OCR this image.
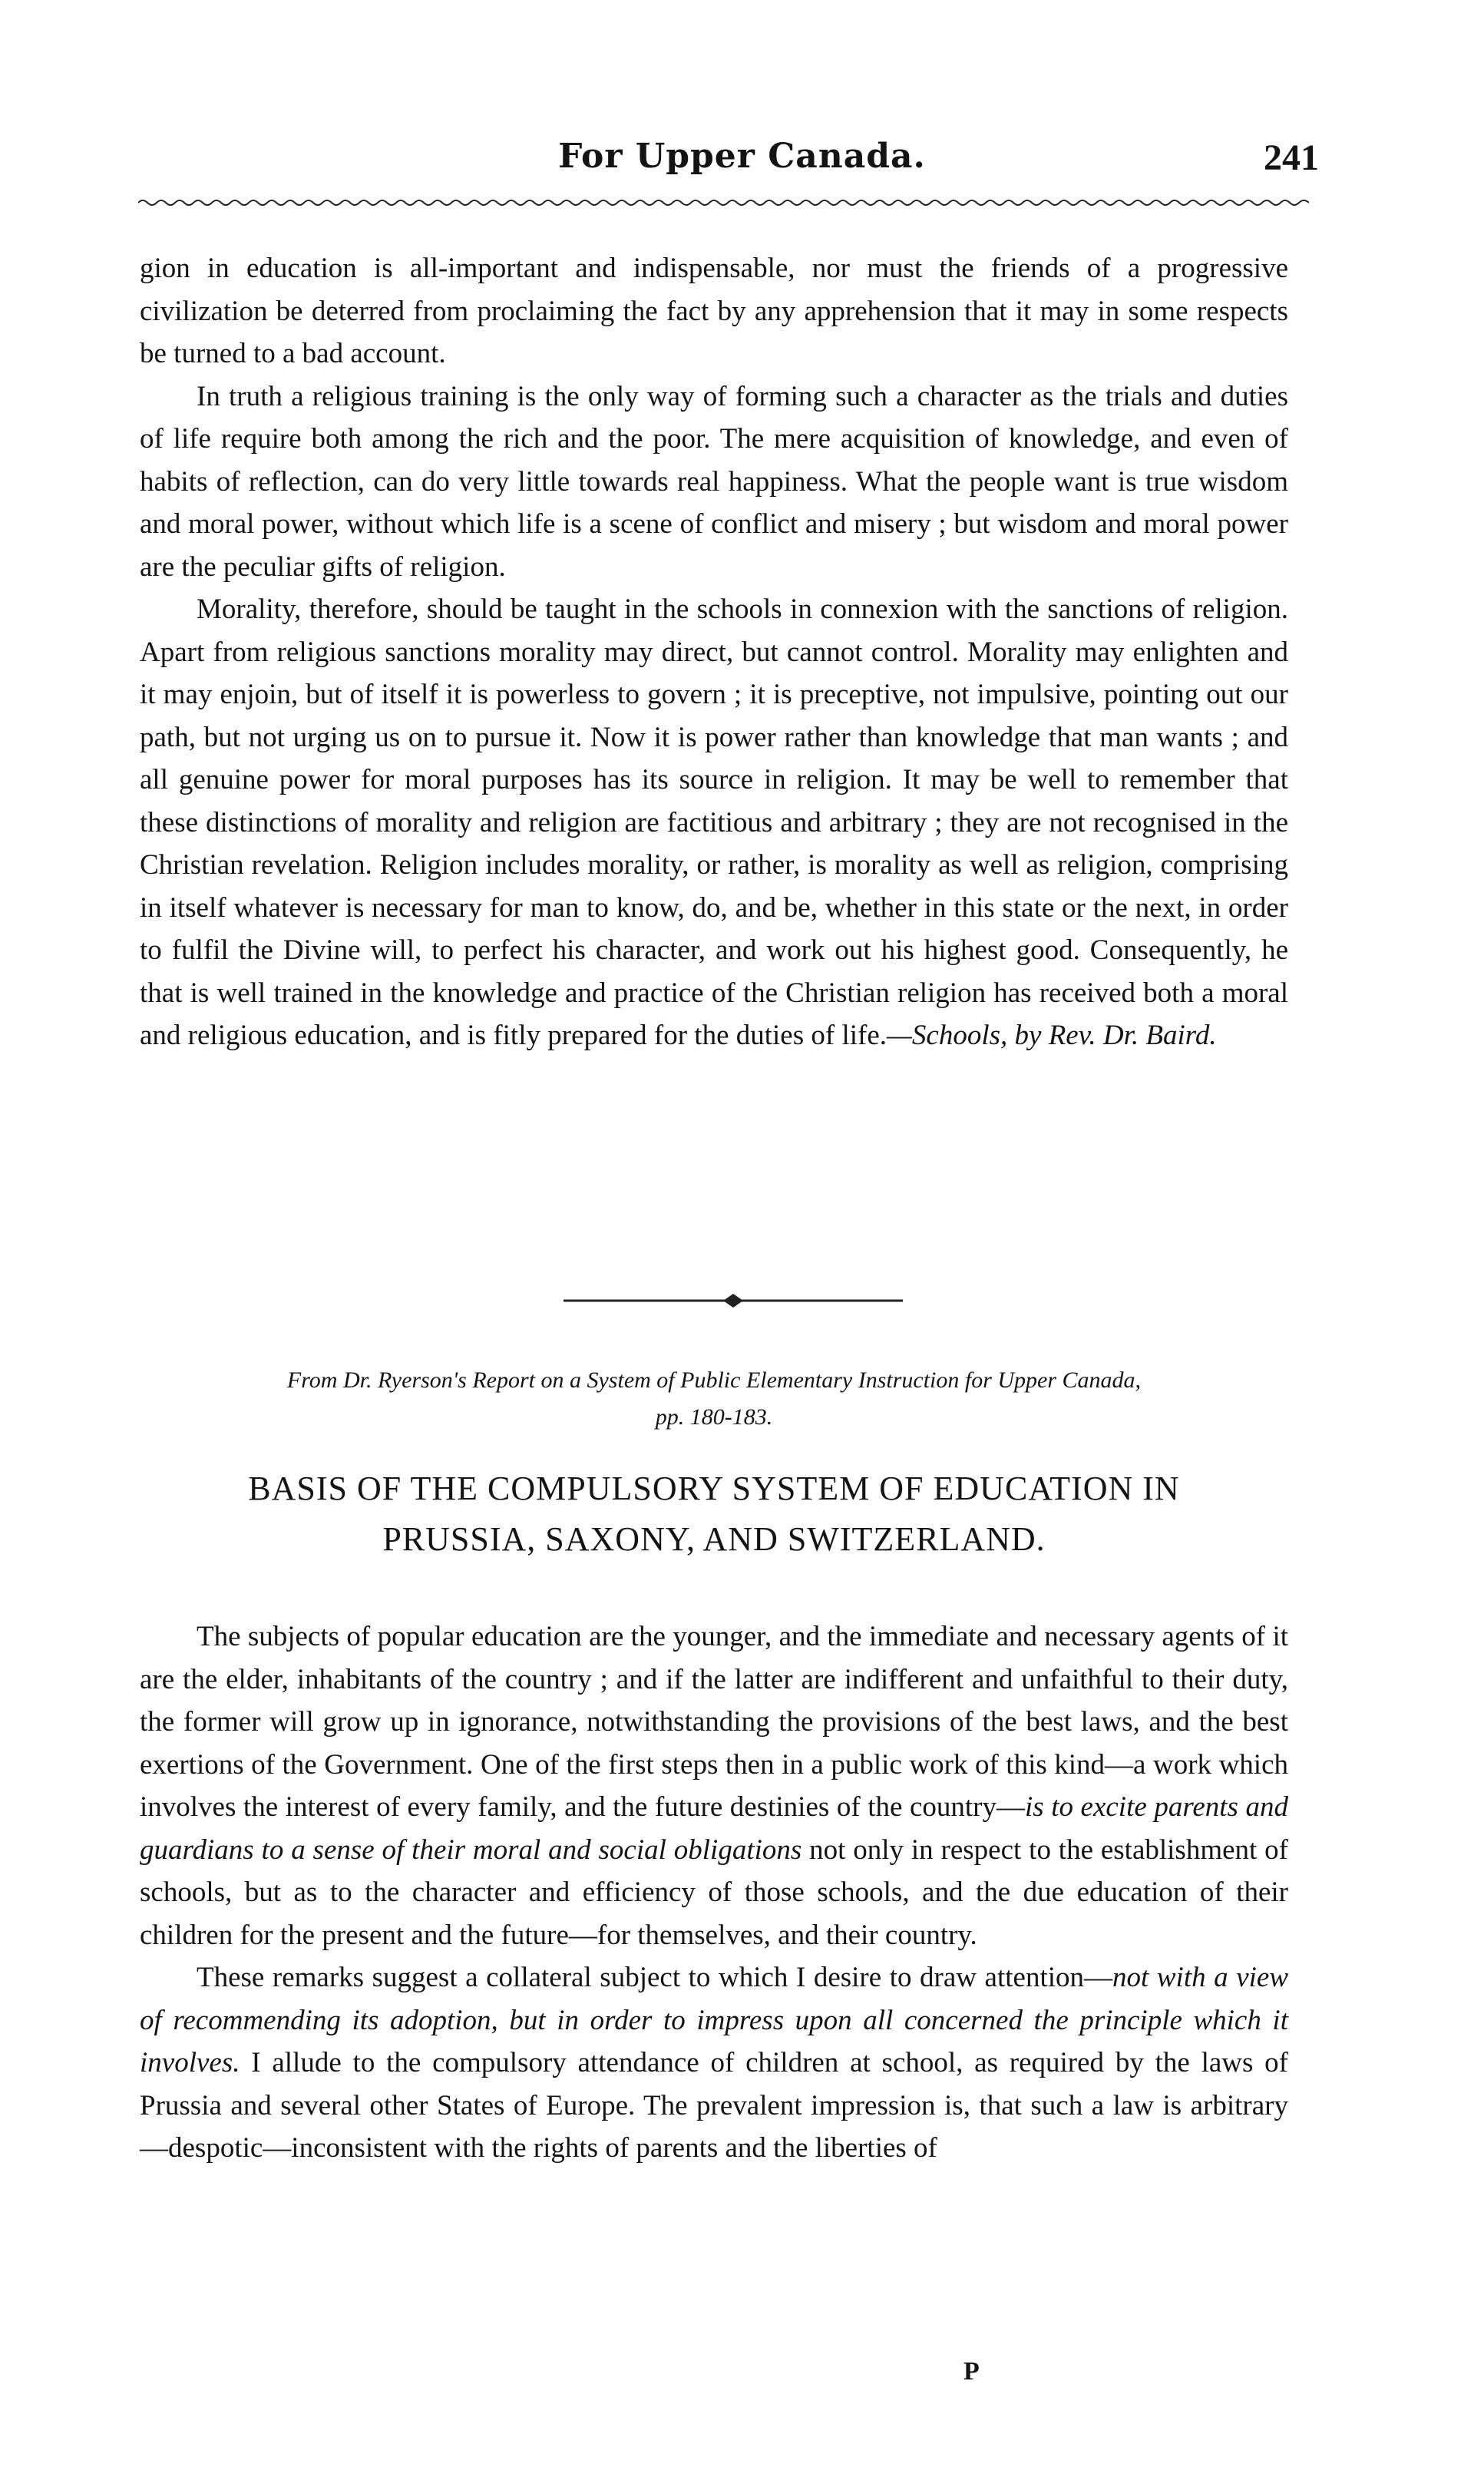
For Upper Canada.	241

gion in education is all-important and indispensable, nor must the friends of a progressive civilization be deterred from proclaiming the fact by any apprehension that it may in some respects be turned to a bad account.

In truth a religious training is the only way of forming such a character as the trials and duties of life require both among the rich and the poor. The mere acquisition of knowledge, and even of habits of reflection, can do very little towards real happiness. What the people want is true wisdom and moral power, without which life is a scene of conflict and misery ; but wisdom and moral power are the peculiar gifts of religion.

Morality, therefore, should be taught in the schools in connexion with the sanctions of religion. Apart from religious sanctions morality may direct, but cannot control. Morality may enlighten and it may enjoin, but of itself it is powerless to govern ; it is preceptive, not impulsive, pointing out our path, but not urging us on to pursue it. Now it is power rather than knowledge that man wants ; and all genuine power for moral purposes has its source in religion. It may be well to remember that these distinctions of morality and religion are factitious and arbitrary ; they are not recognised in the Christian revelation. Religion includes morality, or rather, is morality as well as religion, comprising in itself whatever is necessary for man to know, do, and be, whether in this state or the next, in order to fulfil the Divine will, to perfect his character, and work out his highest good. Consequently, he that is well trained in the knowledge and practice of the Christian religion has received both a moral and religious education, and is fitly prepared for the duties of life.—Schools, by Rev. Dr. Baird.

From Dr. Ryerson's Report on a System of Public Elementary Instruction for Upper Canada,
pp. 180-183.
BASIS OF THE COMPULSORY SYSTEM OF EDUCATION IN
PRUSSIA, SAXONY, AND SWITZERLAND.

The subjects of popular education are the younger, and the immediate and necessary agents of it are the elder, inhabitants of the country ; and if the latter are indifferent and unfaithful to their duty, the former will grow up in ignorance, notwithstanding the provisions of the best laws, and the best exertions of the Government. One of the first steps then in a public work of this kind—a work which involves the interest of every family, and the future destinies of the country—is to excite parents and guardians to a sense of their moral and social obligations not only in respect to the establishment of schools, but as to the character and efficiency of those schools, and the due education of their children for the present and the future—for themselves, and their country.

These remarks suggest a collateral subject to which I desire to draw attention—not with a view of recommending its adoption, but in order to impress upon all concerned the principle which it involves. I allude to the compulsory attendance of children at school, as required by the laws of Prussia and several other States of Europe. The prevalent impression is, that such a law is arbitrary—despotic—inconsistent with the rights of parents and the liberties of

P
